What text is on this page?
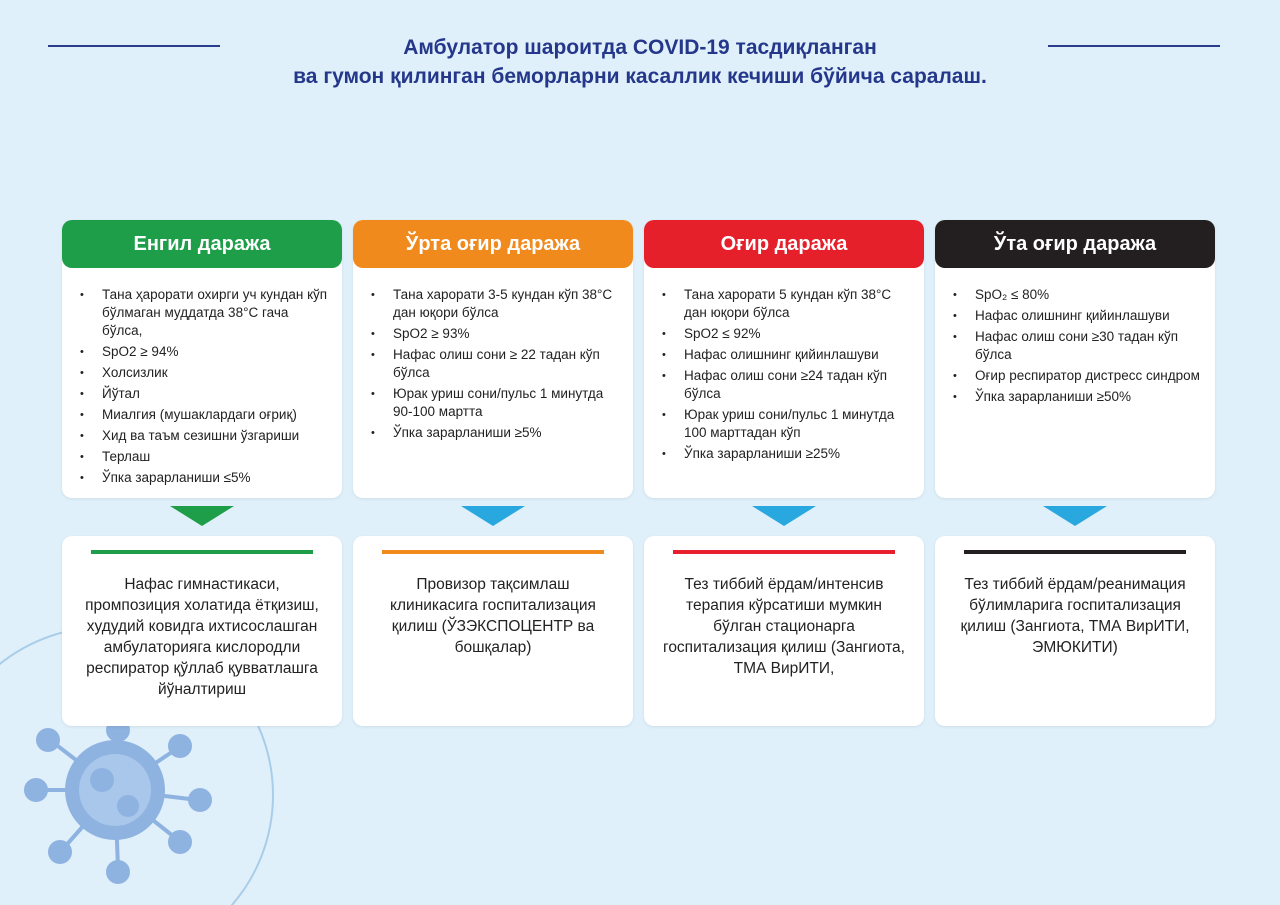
Амбулатор шароитда COVID-19 тасдиқланган
ва гумон қилинган беморларни касаллик кечиши бўйича саралаш.
Енгил даража
• Тана ҳарорати охирги уч кундан кўп бўлмаган муддатда 38°С гача бўлса,
• SpO2 ≥ 94%
• Холсизлик
• Йўтал
• Миалгия (мушаклардаги оғриқ)
• Хид ва таъм сезишни ўзгариши
• Терлаш
• Ўпка зарарланиши ≤5%

Нафас гимнастикаси, промпозиция холатида ётқизиш, худудий ковидга ихтисослашган амбулаторияга кислородли респиратор қўллаб қувватлашга йўналтириш

Ўрта оғир даража
• Тана харорати 3-5 кундан кўп 38°С дан юқори бўлса
• SpO2 ≥ 93%
• Нафас олиш сони ≥ 22 тадан кўп бўлса
• Юрак уриш сони/пульс 1 минутда 90-100 мартта
• Ўпка зарарланиши ≥5%

Провизор тақсимлаш клиникасига госпитализация қилиш (ЎЗЭКСПОЦЕНТР ва бошқалар)

Оғир даража
• Тана харорати 5 кундан кўп 38°С дан юқори бўлса
• SpO2 ≤ 92%
• Нафас олишнинг қийинлашуви
• Нафас олиш сони ≥24 тадан кўп бўлса
• Юрак уриш сони/пульс 1 минутда 100 марттадан кўп
• Ўпка зарарланиши ≥25%

Тез тиббий ёрдам/интенсив терапия кўрсатиши мумкин бўлган стационарга госпитализация қилиш (Зангиота, ТМА ВирИТИ,

Ўта оғир даража
• SpO₂ ≤ 80%
• Нафас олишнинг қийинлашуви
• Нафас олиш сони ≥30 тадан кўп бўлса
• Оғир респиратор дистресс синдром
• Ўпка зарарланиши ≥50%

Тез тиббий ёрдам/реанимация бўлимларига госпитализация қилиш (Зангиота, ТМА ВирИТИ, ЭМЮКИТИ)
